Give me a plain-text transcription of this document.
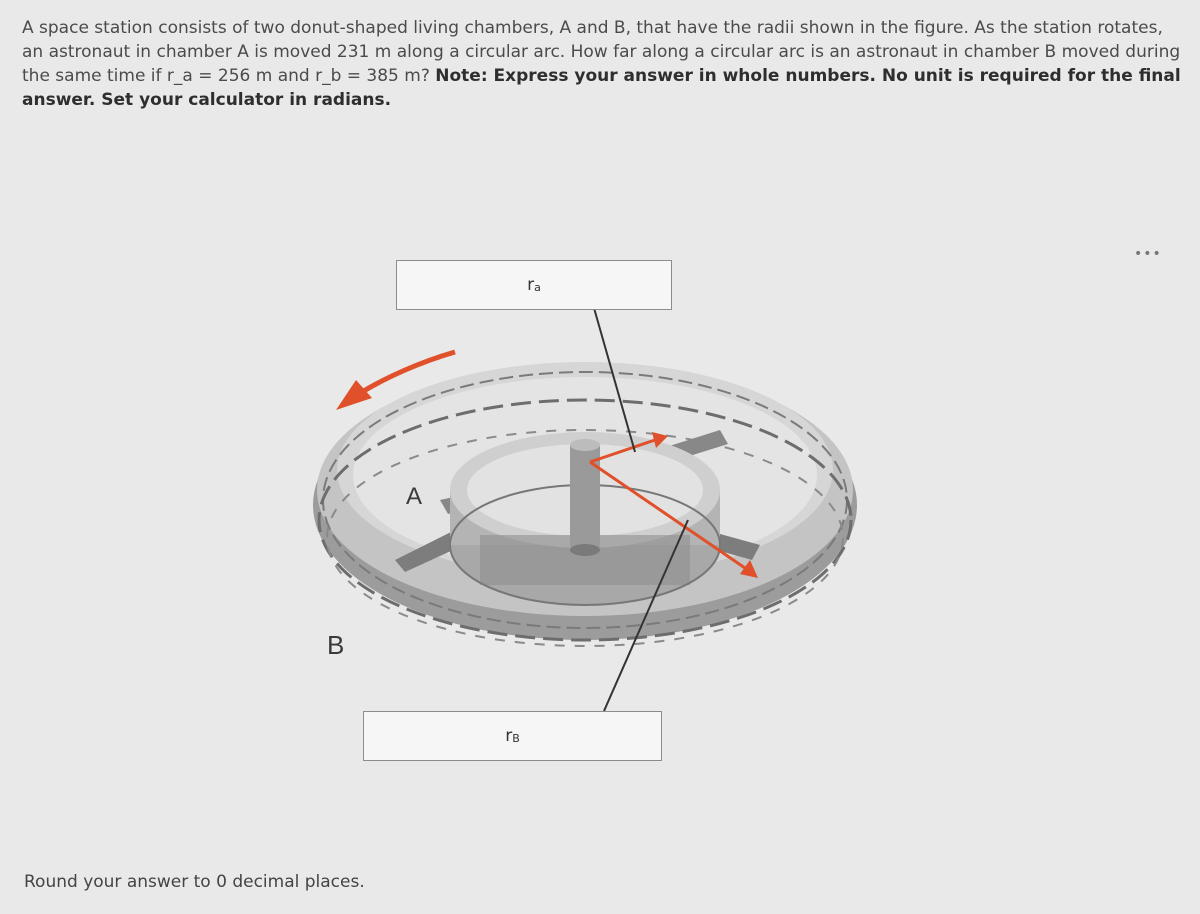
A space station consists of two donut-shaped living chambers, A and B, that have the radii shown in the figure. As the station rotates, an astronaut in chamber A is moved 231 m along a circular arc. How far along a circular arc is an astronaut in chamber B moved during the same time if r_a = 256 m and r_b = 385 m? Note: Express your answer in whole numbers. No unit is required for the final answer. Set your calculator in radians.
$r_a$
$r_B$
A
B
•••
Round your answer to 0 decimal places.
